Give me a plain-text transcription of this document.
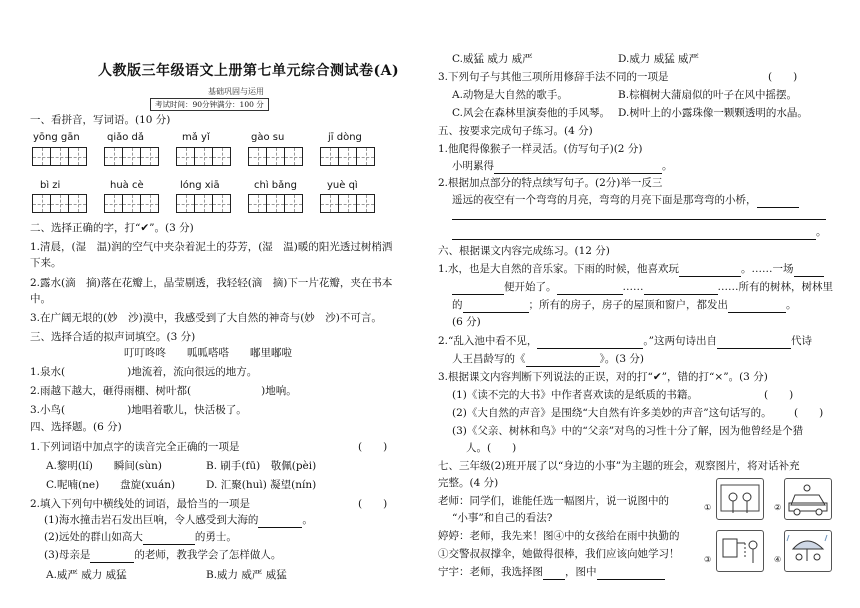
人教版三年级语文上册第七单元综合测试卷(A)
基础巩固与运用
考试时间：90分钟满分：100 分
一、看拼音，写词语。(10 分)
yōng gān	qiǎo dǎ	mǎ yǐ	gào su	jī dòng
bì zi	huà cè	lóng xiā	chì bǎng	yuè qì
二、选择正确的字，打“✔”。(3 分)
1.清晨，(湿　温)润的空气中夹杂着泥土的芬芳，(湿　温)暖的阳光透过树梢洒
下来。
2.露水(滴　摘)落在花瓣上，晶莹剔透，我轻轻(滴　摘)下一片花瓣，夹在书本
中。
3.在广阔无垠的(妙　沙)漠中，我感受到了大自然的神奇与(妙　沙)不可言。
三、选择合适的拟声词填空。(3 分)
叮叮咚咚　　呱呱嗒嗒　　嘟里嘟啦
1.泉水(	)地流着，流向很远的地方。
2.雨越下越大，砸得雨棚、树叶都(	)地响。
3.小鸟(	)地唱着歌儿，快活极了。
四、选择题。(6 分)
1.下列词语中加点字的读音完全正确的一项是	(　　)
A.黎明(lí)　　瞬间(sùn)	B. 刷手(fū)　敬佩(pèi)
C.呢喃(ne)　　盘旋(xuán)	D. 汇聚(huì) 凝望(nín)
2.填入下列句中横线处的词语，最恰当的一项是	(　　)
(1)海水撞击岩石发出巨响，令人感受到大海的	。
(2)远处的群山如高大	的勇士。
(3)母亲是	的老师，教我学会了怎样做人。
A.威严 威力 威猛	B.威力 威严 威猛
C.威猛 威力 威严	D.威力 威猛 威严
3.下列句子与其他三项所用修辞手法不同的一项是	(　　)
A.动物是大自然的歌手。	B.棕榈树大蒲扇似的叶子在风中摇摆。
C.风会在森林里演奏他的手风琴。 D.树叶上的小露珠像一颗颗透明的水晶。
五、按要求完成句子练习。(4 分)
1.他爬得像猴子一样灵活。(仿写句子)(2 分)
小明累得	。
2.根据加点部分的特点续写句子。(2分)举一反三
遥远的夜空有一个弯弯的月亮，弯弯的月亮下面是那弯弯的小桥，
。
六、根据课文内容完成练习。(12 分)
1.水，也是大自然的音乐家。下雨的时候，他喜欢玩	。……一场
便开始了。	……	……所有的树林，树林里
的	；所有的房子，房子的屋顶和窗户，都发出	。
(6 分)
2.“乱入池中看不见，	。”这两句诗出自	代诗
人王昌龄写的《	》。(3 分)
3.根据课文内容判断下列说法的正误，对的打“✔”，错的打“×”。(3 分)
(1)《读不完的大书》中作者喜欢读的是纸质的书籍。	(　　)
(2)《大自然的声音》是围绕“大自然有许多美妙的声音”这句话写的。 (　　)
(3)《父亲、树林和鸟》中的“父亲”对鸟的习性十分了解，因为他曾经是个猎
人。(　　)
七、三年级(2)班开展了以“身边的小事”为主题的班会，观察图片，将对话补充
完整。(4 分)
老师：同学们，谁能任选一幅图片，说一说图中的
“小事”和自己的看法?
婷婷：老师，我先来！图④中的女孩给在雨中执勤的
①交警叔叔撑伞，她做得很棒，我们应该向她学习！
宁宇：老师，我选择图 ，图中
①	②
③	④
